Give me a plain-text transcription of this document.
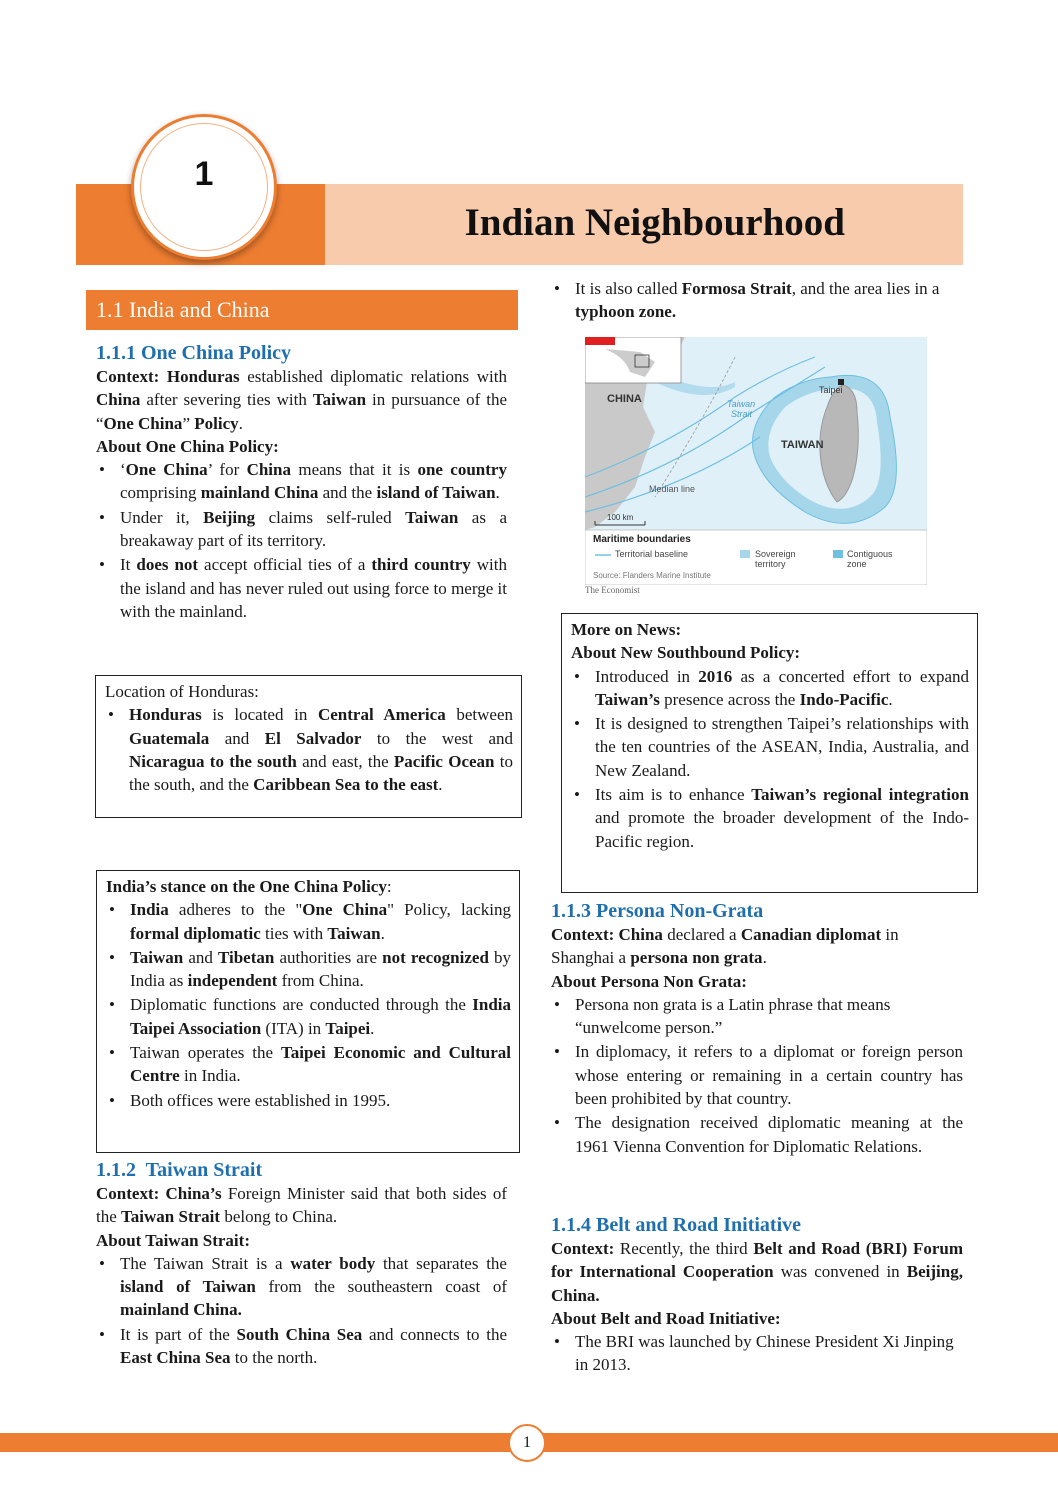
1
Indian Neighbourhood
1.1 India and China
1.1.1 One China Policy

Context: Honduras established diplomatic relations with China after severing ties with Taiwan in pursuance of the “One China” Policy.

About One China Policy:

• ‘One China’ for China means that it is one country comprising mainland China and the island of Taiwan.
• Under it, Beijing claims self-ruled Taiwan as a breakaway part of its territory.
• It does not accept official ties of a third country with the island and has never ruled out using force to merge it with the mainland.

Location of Honduras:

• Honduras is located in Central America between Guatemala and El Salvador to the west and Nicaragua to the south and east, the Pacific Ocean to the south, and the Caribbean Sea to the east.

India’s stance on the One China Policy:

• India adheres to the "One China" Policy, lacking formal diplomatic ties with Taiwan.
• Taiwan and Tibetan authorities are not recognized by India as independent from China.
• Diplomatic functions are conducted through the India Taipei Association (ITA) in Taipei.
• Taiwan operates the Taipei Economic and Cultural Centre in India.
• Both offices were established in 1995.
1.1.2 Taiwan Strait

Context: China’s Foreign Minister said that both sides of the Taiwan Strait belong to China.

About Taiwan Strait:

• The Taiwan Strait is a water body that separates the island of Taiwan from the southeastern coast of mainland China.
• It is part of the South China Sea and connects to the East China Sea to the north.
• It is also called Formosa Strait, and the area lies in a typhoon zone.
CHINA
TAIWAN
Taipei
Taiwan
Strait
Median line
100 km
Maritime boundaries
Territorial baseline	Sovereign
territory
Contiguous
zone
Source: Flanders Marine Institute
The Economist

More on News:

About New Southbound Policy:

• Introduced in 2016 as a concerted effort to expand Taiwan’s presence across the Indo-Pacific.
• It is designed to strengthen Taipei’s relationships with the ten countries of the ASEAN, India, Australia, and New Zealand.
• Its aim is to enhance Taiwan’s regional integration and promote the broader development of the Indo-Pacific region.
1.1.3 Persona Non-Grata

Context: China declared a Canadian diplomat in Shanghai a persona non grata.

About Persona Non Grata:

• Persona non grata is a Latin phrase that means “unwelcome person.”
• In diplomacy, it refers to a diplomat or foreign person whose entering or remaining in a certain country has been prohibited by that country.
• The designation received diplomatic meaning at the 1961 Vienna Convention for Diplomatic Relations.
1.1.4 Belt and Road Initiative

Context: Recently, the third Belt and Road (BRI) Forum for International Cooperation was convened in Beijing, China.

About Belt and Road Initiative:

• The BRI was launched by Chinese President Xi Jinping in 2013.
1
